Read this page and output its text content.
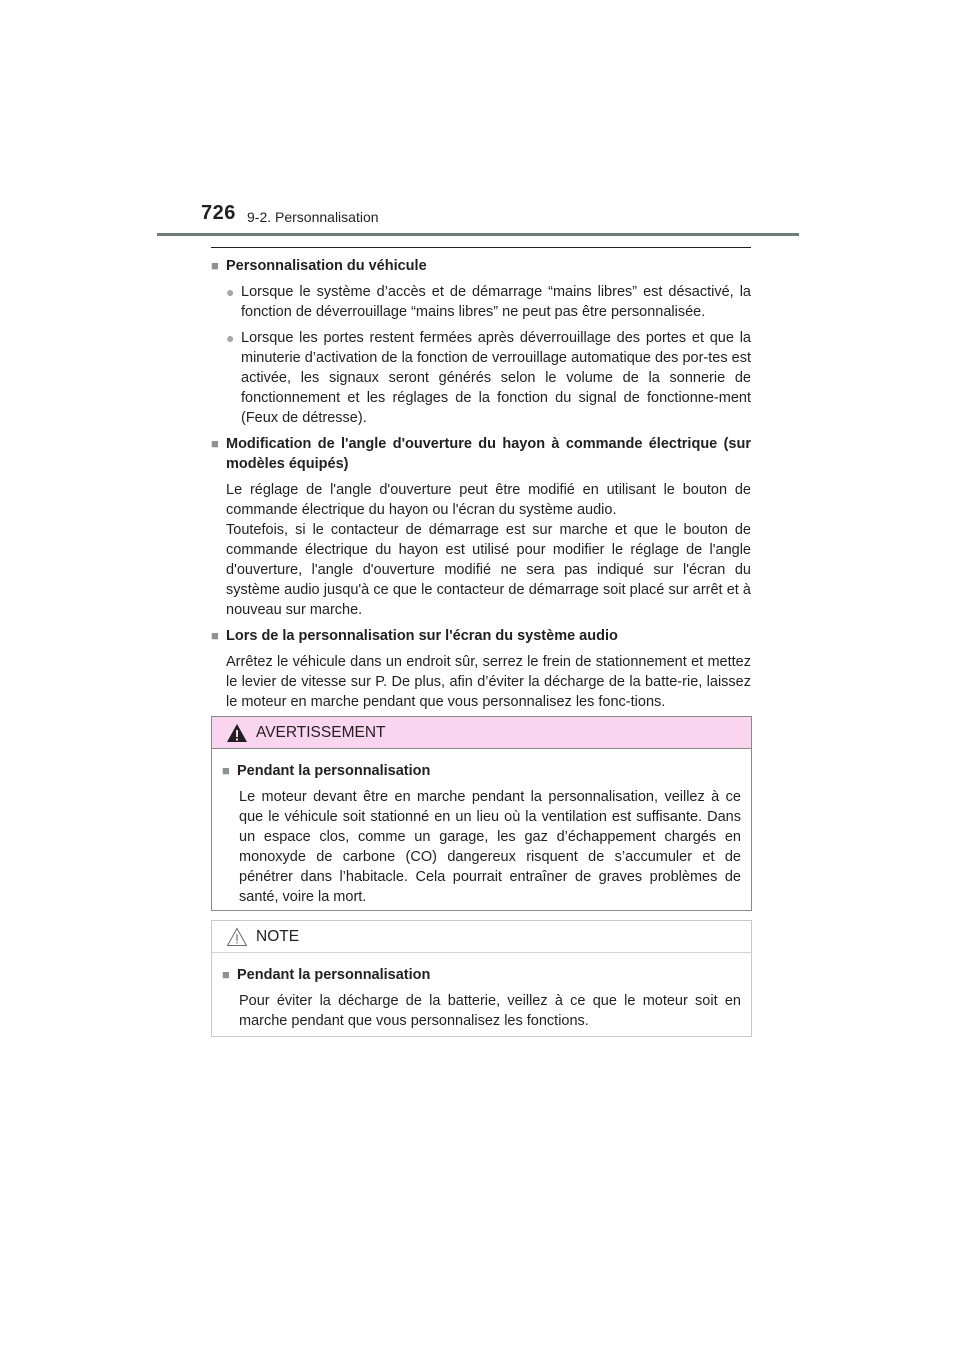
726 9-2. Personnalisation
■ Personnalisation du véhicule
● Lorsque le système d’accès et de démarrage “mains libres” est désactivé, la fonction de déverrouillage “mains libres” ne peut pas être personnalisée.
● Lorsque les portes restent fermées après déverrouillage des portes et que la minuterie d’activation de la fonction de verrouillage automatique des por-tes est activée, les signaux seront générés selon le volume de la sonnerie de fonctionnement et les réglages de la fonction du signal de fonctionne-ment (Feux de détresse).
■ Modification de l'angle d'ouverture du hayon à commande électrique (sur modèles équipés)
Le réglage de l'angle d'ouverture peut être modifié en utilisant le bouton de commande électrique du hayon ou l'écran du système audio.
Toutefois, si le contacteur de démarrage est sur marche et que le bouton de commande électrique du hayon est utilisé pour modifier le réglage de l'angle d'ouverture, l'angle d'ouverture modifié ne sera pas indiqué sur l'écran du système audio jusqu'à ce que le contacteur de démarrage soit placé sur arrêt et à nouveau sur marche.
■ Lors de la personnalisation sur l'écran du système audio
Arrêtez le véhicule dans un endroit sûr, serrez le frein de stationnement et mettez le levier de vitesse sur P. De plus, afin d’éviter la décharge de la batte-rie, laissez le moteur en marche pendant que vous personnalisez les fonc-tions.
AVERTISSEMENT
■ Pendant la personnalisation
Le moteur devant être en marche pendant la personnalisation, veillez à ce que le véhicule soit stationné en un lieu où la ventilation est suffisante. Dans un espace clos, comme un garage, les gaz d’échappement chargés en monoxyde de carbone (CO) dangereux risquent de s’accumuler et de pénétrer dans l’habitacle. Cela pourrait entraîner de graves problèmes de santé, voire la mort.
NOTE
■ Pendant la personnalisation
Pour éviter la décharge de la batterie, veillez à ce que le moteur soit en marche pendant que vous personnalisez les fonctions.
